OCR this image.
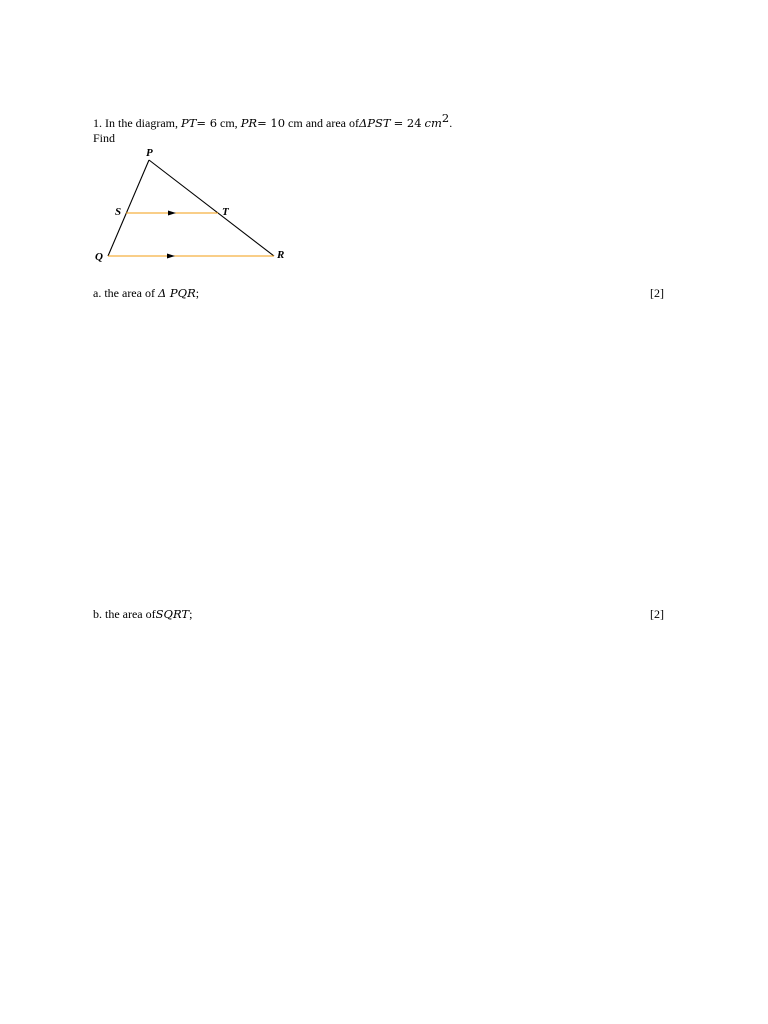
1. In the diagram, PT= 6 cm, PR= 10 cm and area ofΔPST = 24 $cm^2$.
Find
P
S	T
Q	R
a. the area of Δ PQR;	[2]
b. the area ofSQRT;	[2]
